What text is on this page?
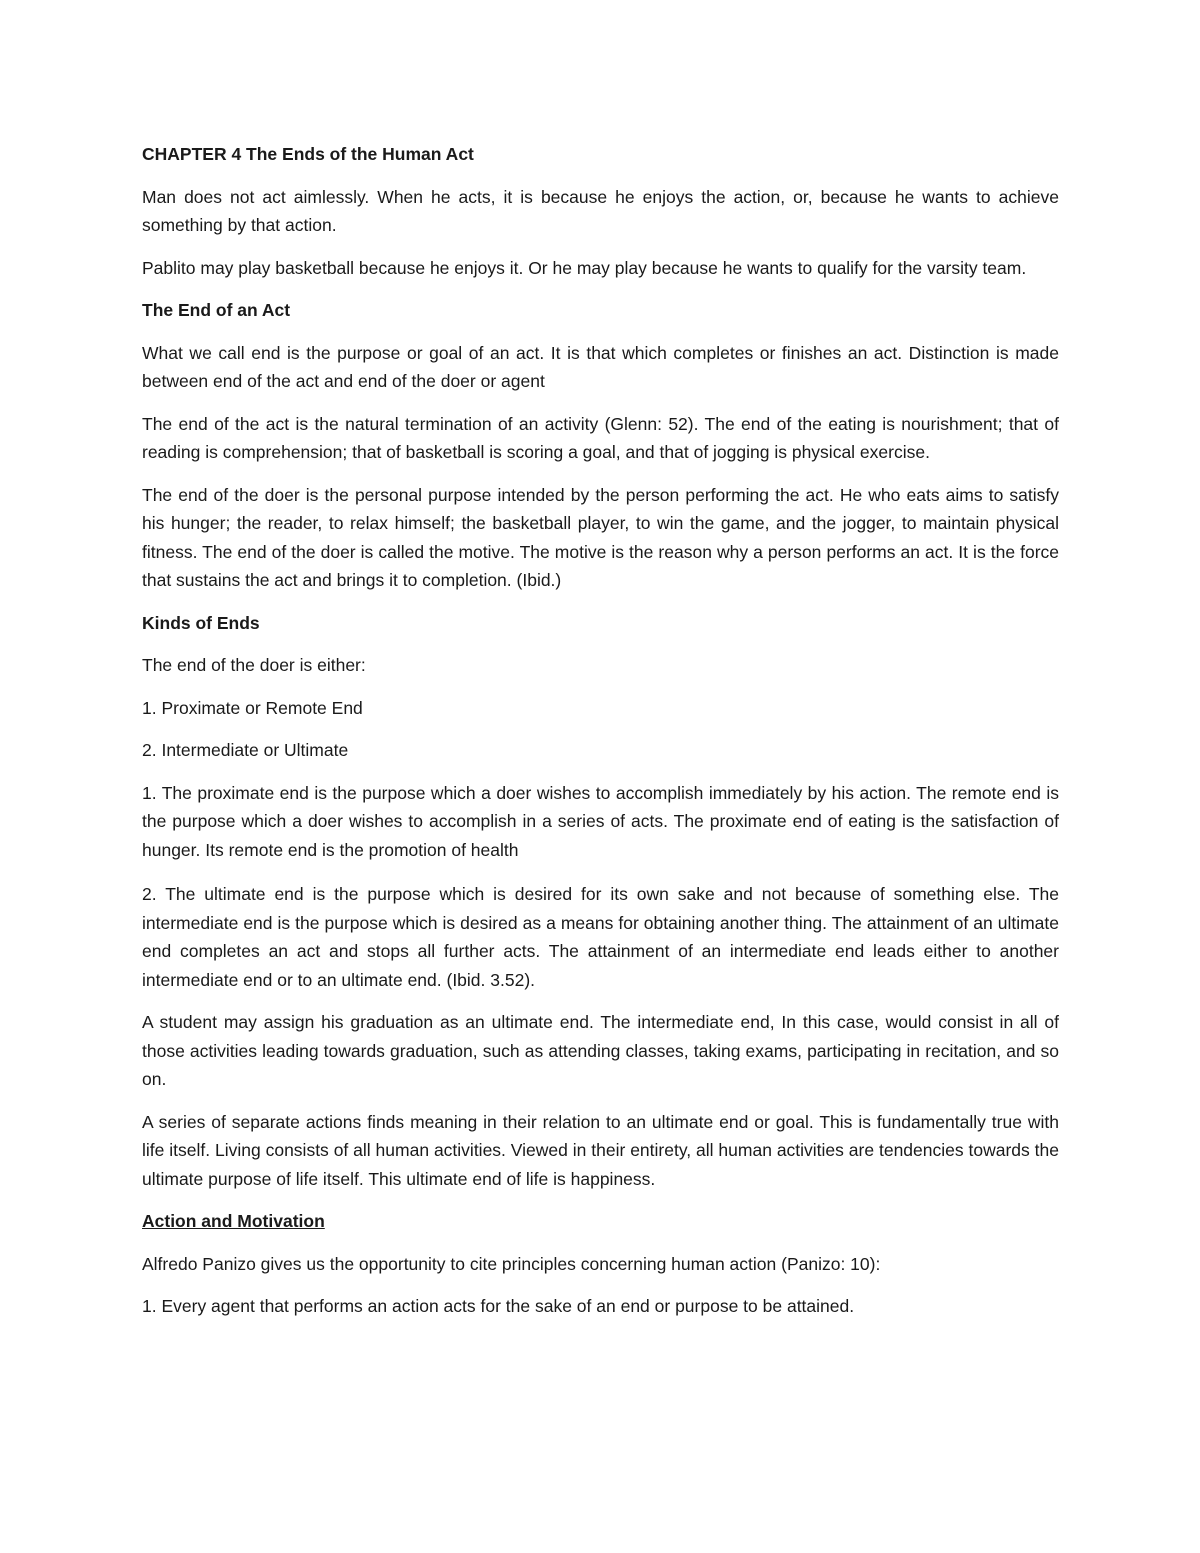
CHAPTER 4 The Ends of the Human Act

Man does not act aimlessly. When he acts, it is because he enjoys the action, or, because he wants to achieve something by that action.

Pablito may play basketball because he enjoys it. Or he may play because he wants to qualify for the varsity team.

The End of an Act

What we call end is the purpose or goal of an act. It is that which completes or finishes an act. Distinction is made between end of the act and end of the doer or agent

The end of the act is the natural termination of an activity (Glenn: 52). The end of the eating is nourishment; that of reading is comprehension; that of basketball is scoring a goal, and that of jogging is physical exercise.

The end of the doer is the personal purpose intended by the person performing the act. He who eats aims to satisfy his hunger; the reader, to relax himself; the basketball player, to win the game, and the jogger, to maintain physical fitness. The end of the doer is called the motive. The motive is the reason why a person performs an act. It is the force that sustains the act and brings it to completion. (Ibid.)

Kinds of Ends

The end of the doer is either:

1. Proximate or Remote End

2. Intermediate or Ultimate

1. The proximate end is the purpose which a doer wishes to accomplish immediately by his action. The remote end is the purpose which a doer wishes to accomplish in a series of acts. The proximate end of eating is the satisfaction of hunger. Its remote end is the promotion of health

2. The ultimate end is the purpose which is desired for its own sake and not because of something else. The intermediate end is the purpose which is desired as a means for obtaining another thing. The attainment of an ultimate end completes an act and stops all further acts. The attainment of an intermediate end leads either to another intermediate end or to an ultimate end. (Ibid. 3.52).

A student may assign his graduation as an ultimate end. The intermediate end, In this case, would consist in all of those activities leading towards graduation, such as attending classes, taking exams, participating in recitation, and so on.

A series of separate actions finds meaning in their relation to an ultimate end or goal. This is fundamentally true with life itself. Living consists of all human activities. Viewed in their entirety, all human activities are tendencies towards the ultimate purpose of life itself. This ultimate end of life is happiness.

Action and Motivation

Alfredo Panizo gives us the opportunity to cite principles concerning human action (Panizo: 10):

1. Every agent that performs an action acts for the sake of an end or purpose to be attained.
